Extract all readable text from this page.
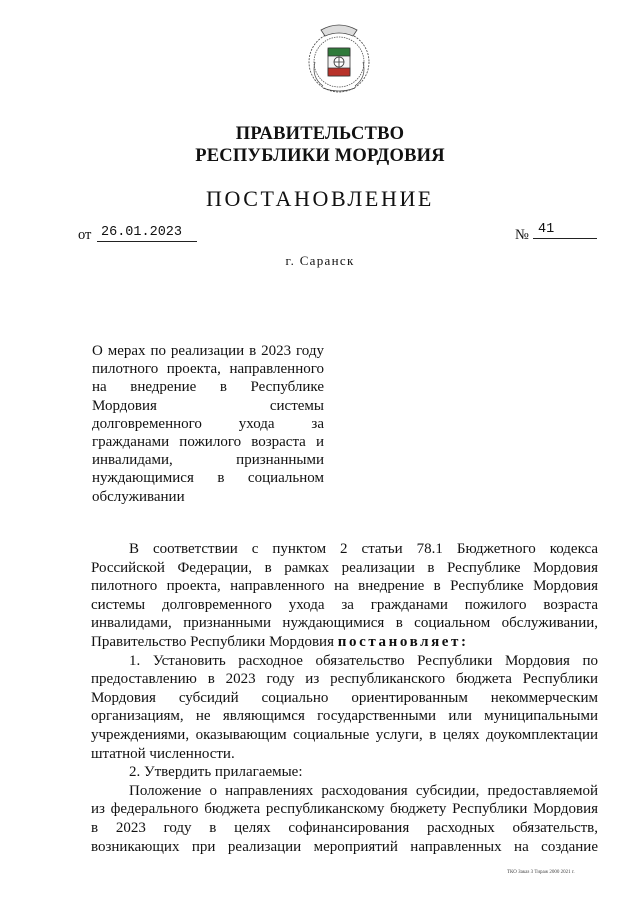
ПРАВИТЕЛЬСТВО
РЕСПУБЛИКИ МОРДОВИЯ
ПОСТАНОВЛЕНИЕ
от 26.01.2023	№ 41
г. Саранск
О мерах по реализации в 2023 году
пилотного проекта, направленного
на внедрение в Республике
Мордовия системы
долговременного ухода за
гражданами пожилого возраста и
инвалидами, признанными
нуждающимися в социальном
обслуживании
В соответствии с пунктом 2 статьи 78.1 Бюджетного кодекса
Российской Федерации, в рамках реализации в Республике Мордовия
пилотного проекта, направленного на внедрение в Республике Мордовия
системы долговременного ухода за гражданами пожилого возраста
инвалидами, признанными нуждающимися в социальном обслуживании,
Правительство Республики Мордовия постановляет:
1. Установить расходное обязательство Республики Мордовия по
предоставлению в 2023 году из республиканского бюджета Республики
Мордовия субсидий социально ориентированным некоммерческим
организациям, не являющимся государственными или муниципальными
учреждениями, оказывающим социальные услуги, в целях доукомплектации
штатной численности.
2. Утвердить прилагаемые:
Положение о направлениях расходования субсидии, предоставляемой
из федерального бюджета республиканскому бюджету Республики Мордовия
в 2023 году в целях софинансирования расходных обязательств,
возникающих при реализации мероприятий направленных на создание
ТКО Заказ 3 Тираж 2000 2021 г.
